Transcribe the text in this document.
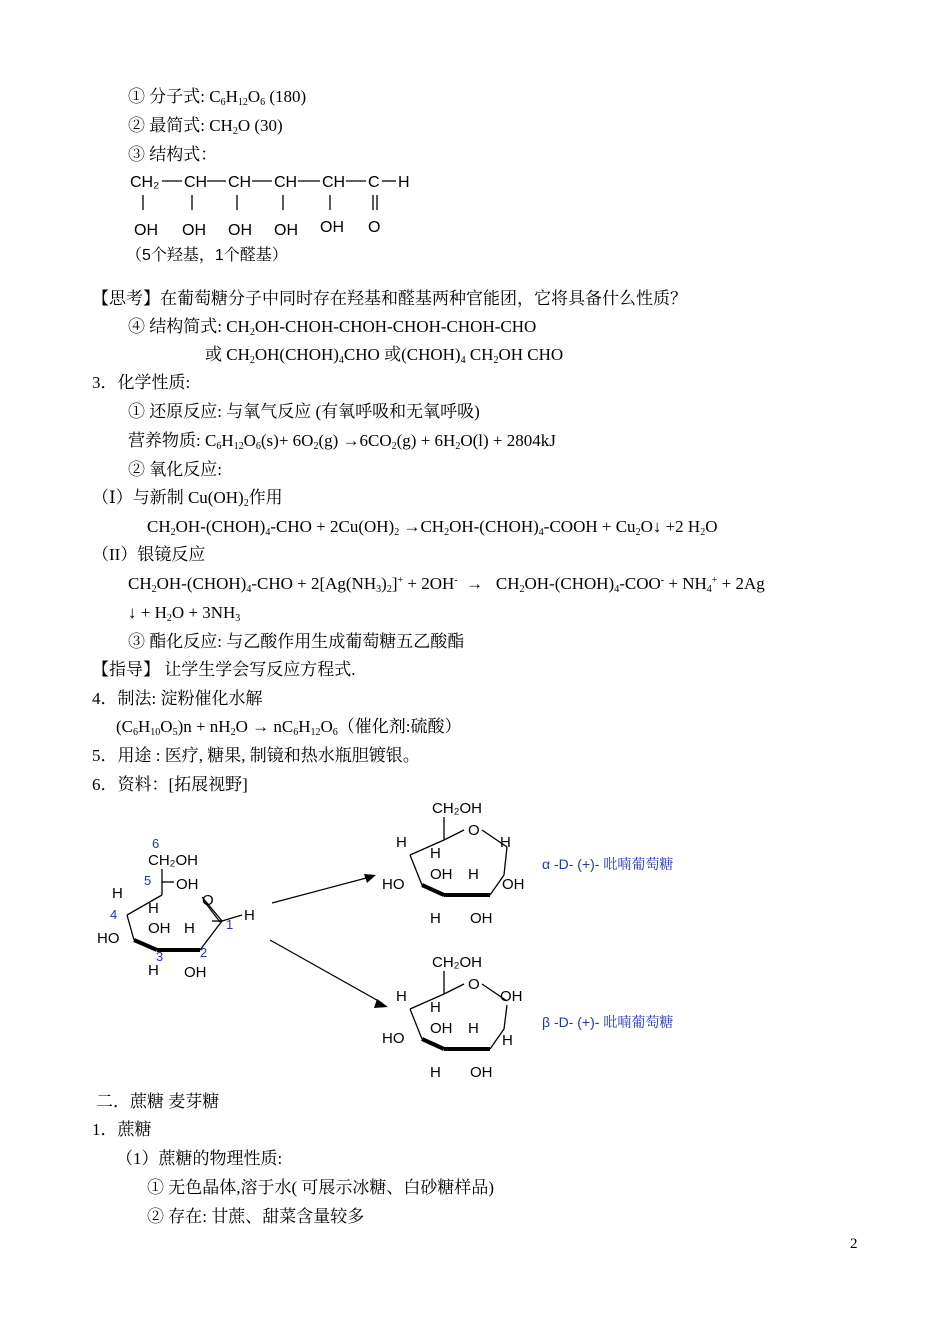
① 分子式: $C_6H_{12}O_6$ (180)
② 最简式: $CH_2O$ (30)
③ 结构式：
CH₂ CH CH CH CH C H
OH OH OH OH OH O
（5个羟基，1个醛基）
【思考】在葡萄糖分子中同时存在羟基和醛基两种官能团，它将具备什么性质？
④ 结构简式: $CH_2OH-CHOH-CHOH-CHOH-CHOH$-CHO
或 $CH_2OH(CHOH)_4CHO$ 或$(CHOH)_4$ $CH_2OH$ CHO
3．化学性质:
① 还原反应: 与氧气反应 (有氧呼吸和无氧呼吸)
营养物质: $C_6H_{12}O_6(s)+ 6O_2(g) \to 6CO_2(g) + 6H_2O(l) + 2804kJ$
② 氧化反应:
（Ⅰ）与新制 $Cu(OH)_2$作用
$CH_2OH-(CHOH)_4$-CHO + $2Cu(OH)_2$ $\to CH_2OH-(CHOH)_4$-COOH + $Cu_2O↓ +2$ $H_2O$
（II）银镜反应
$CH_2OH-(CHOH)_4$-CHO + $2[Ag(NH_3)_2]^+ + 2OH^-$  →   $CH_2OH-(CHOH)_4-COO^- + NH_4^+ + 2Ag$
↓ + $H_2O + 3NH_3$
③ 酯化反应: 与乙酸作用生成葡萄糖五乙酸酯
【指导】 让学生学会写反应方程式.
4．制法: 淀粉催化水解
$(C_6H_{10}O_5)n + nH_2O \to nC_6H_{12}O_6$（催化剂:硫酸）
5．用途 : 医疗, 糖果, 制镜和热水瓶胆镀银。
6．资料：[拓展视野]
CH₂OH
OH
H
H
HO
OH H
O
H
H OH
6
5
4
3	2
1
CH₂OH
O
H
H
H
HO
OH H
OH
H OH
α -D- (+)- 吡喃葡萄糖
CH₂OH
O
H
H
OH
HO
OH H
H
H OH
β -D- (+)- 吡喃葡萄糖
二．蔗糖 麦芽糖
1．蔗糖
（1）蔗糖的物理性质:
① 无色晶体,溶于水( 可展示冰糖、白砂糖样品)
② 存在: 甘蔗、甜菜含量较多
2
